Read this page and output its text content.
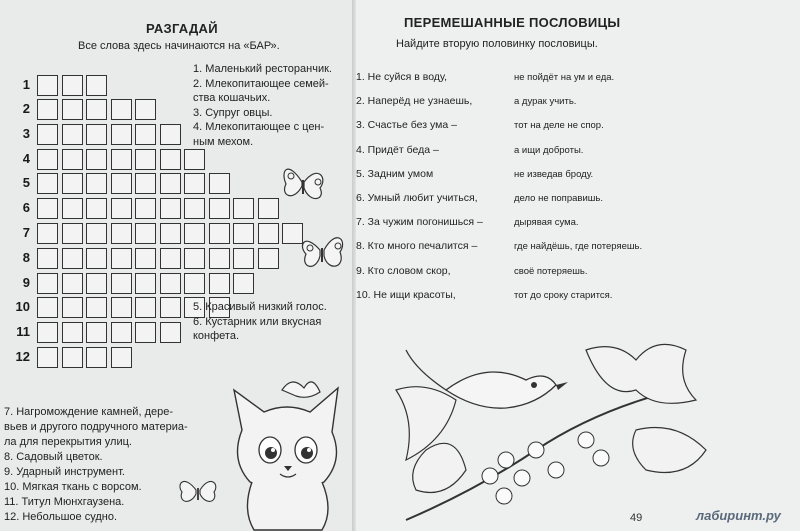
РАЗГАДАЙ
Все слова здесь начинаются на «БАР».
1
2
3
4
5
6
7
8
9
10
11
12
1. Маленький ресторанчик.
2. Млекопитающее семей-
ства кошачьих.
3. Супруг овцы.
4. Млекопитающее с цен-
ным мехом.
5. Красивый низкий голос.
6. Кустарник или вкусная
конфета.
7. Нагромождение камней, дере-
вьев и другого подручного материа-
ла для перекрытия улиц.
8. Садовый цветок.
9. Ударный инструмент.
10. Мягкая ткань с ворсом.
11. Титул Мюнхгаузена.
12. Небольшое судно.
ПЕРЕМЕШАННЫЕ ПОСЛОВИЦЫ
Найдите вторую половинку пословицы.
1. Не суйся в воду,	не пойдёт на ум и еда.
2. Наперёд не узнаешь,	а дурак учить.
3. Счастье без ума –	тот на деле не спор.
4. Придёт беда –	а ищи доброты.
5. Задним умом	не изведав броду.
6. Умный любит учиться,	дело не поправишь.
7. За чужим погонишься –	дырявая сума.
8. Кто много печалится –	где найдёшь, где потеряешь.
9. Кто словом скор,	своё потеряешь.
10. Не ищи красоты,	тот до сроку старится.
49	лабиринт.ру
